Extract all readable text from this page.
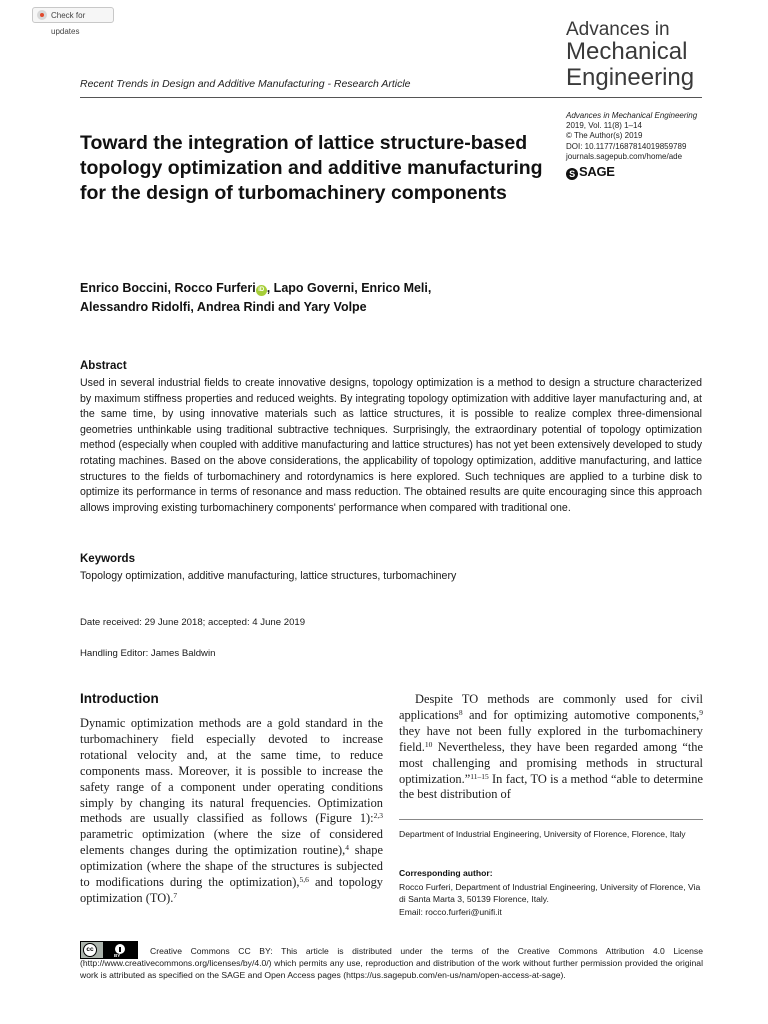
Check for updates	Advances in
Mechanical
Engineering
Recent Trends in Design and Additive Manufacturing - Research Article
Advances in Mechanical Engineering
2019, Vol. 11(8) 1–14
© The Author(s) 2019
DOI: 10.1177/1687814019859789
journals.sagepub.com/home/ade
S SAGE
Toward the integration of lattice structure-based topology optimization and additive manufacturing for the design of turbomachinery components
Enrico Boccini, Rocco Furferi iD , Lapo Governi, Enrico Meli,
Alessandro Ridolfi, Andrea Rindi and Yary Volpe
Abstract
Used in several industrial fields to create innovative designs, topology optimization is a method to design a structure characterized by maximum stiffness properties and reduced weights. By integrating topology optimization with additive layer manufacturing and, at the same time, by using innovative materials such as lattice structures, it is possible to realize complex three-dimensional geometries unthinkable using traditional subtractive techniques. Surprisingly, the extraordinary potential of topology optimization method (especially when coupled with additive manufacturing and lattice structures) has not yet been extensively developed to study rotating machines. Based on the above considerations, the applicability of topology optimization, additive manufacturing, and lattice structures to the fields of turbomachinery and rotordynamics is here explored. Such techniques are applied to a turbine disk to optimize its performance in terms of resonance and mass reduction. The obtained results are quite encouraging since this approach allows improving existing turbomachinery components' performance when compared with traditional one.
Keywords
Topology optimization, additive manufacturing, lattice structures, turbomachinery
Date received: 29 June 2018; accepted: 4 June 2019
Handling Editor: James Baldwin
Introduction
Dynamic optimization methods are a gold standard in the turbomachinery field especially devoted to increase rotational velocity and, at the same time, to reduce components mass. Moreover, it is possible to increase the safety range of a component under operating conditions simply by changing its natural frequencies. Optimization methods are usually classified as follows (Figure 1):$^{2,3}$ parametric optimization (where the size of considered elements changes during the optimization routine),$^4$ shape optimization (where the shape of the structures is subjected to modifications during the optimization),$^{5,6}$ and topology optimization (TO).$^7$
Despite TO methods are commonly used for civil applications$^8$ and for optimizing automotive components,$^9$ they have not been fully explored in the turbomachinery field.$^{10}$ Nevertheless, they have been regarded among “the most challenging and promising methods in structural optimization.”$^{11-15}$ In fact, TO is a method “able to determine the best distribution of
Department of Industrial Engineering, University of Florence, Florence, Italy
Corresponding author:
Rocco Furferi, Department of Industrial Engineering, University of Florence, Via di Santa Marta 3, 50139 Florence, Italy.
Email: rocco.furferi@unifi.it
cc
BY	Creative Commons CC BY: This article is distributed under the terms of the Creative Commons Attribution 4.0 License (http://www.creativecommons.org/licenses/by/4.0/) which permits any use, reproduction and distribution of the work without further permission provided the original work is attributed as specified on the SAGE and Open Access pages (https://us.sagepub.com/en-us/nam/open-access-at-sage).
